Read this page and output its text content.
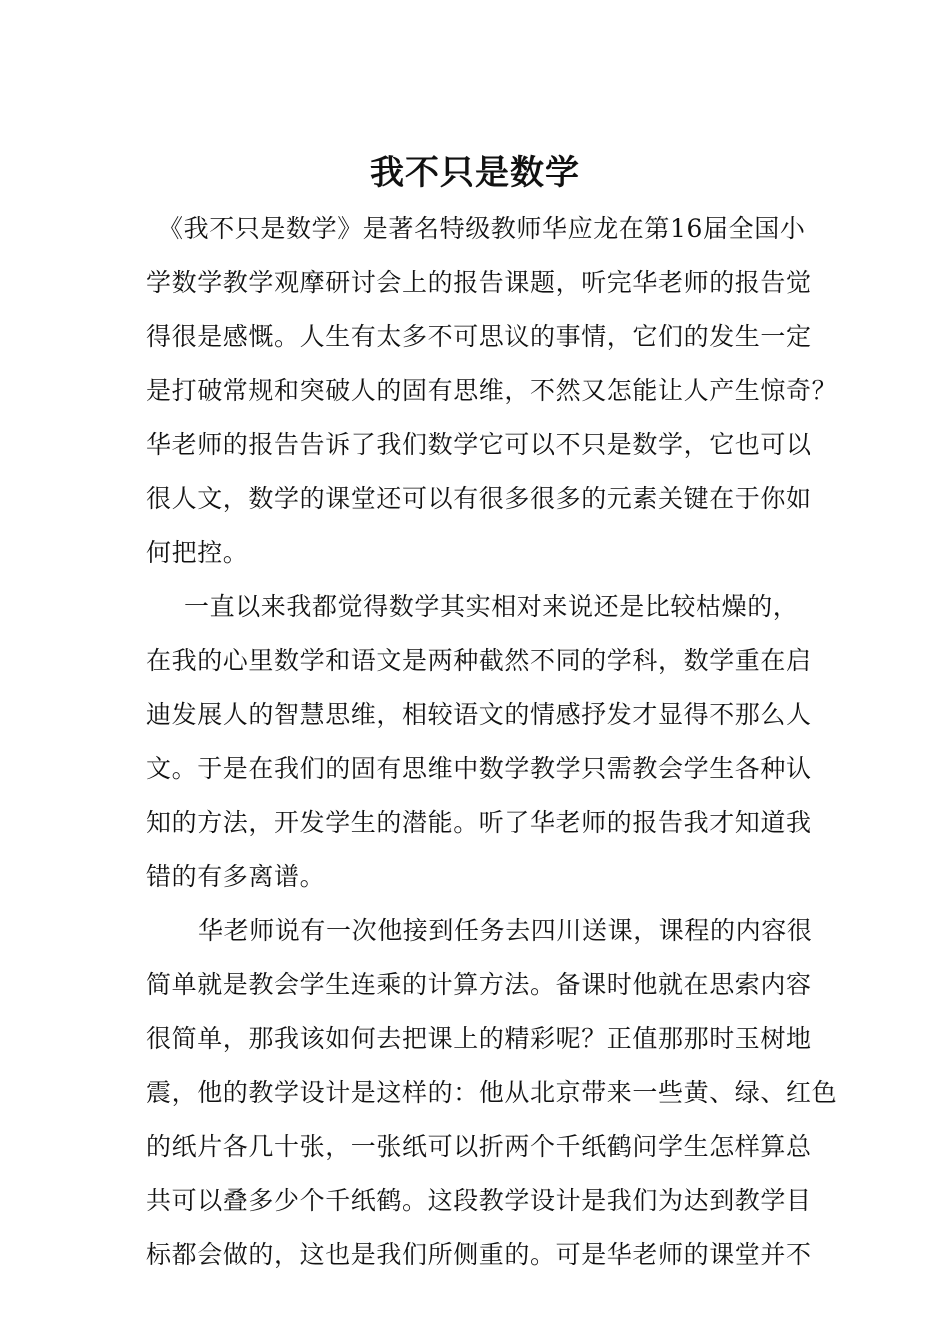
我不只是数学
《我不只是数学》是著名特级教师华应龙在第16届全国小
学数学教学观摩研讨会上的报告课题，听完华老师的报告觉
得很是感慨。人生有太多不可思议的事情，它们的发生一定
是打破常规和突破人的固有思维，不然又怎能让人产生惊奇？
华老师的报告告诉了我们数学它可以不只是数学，它也可以
很人文，数学的课堂还可以有很多很多的元素关键在于你如
何把控。
一直以来我都觉得数学其实相对来说还是比较枯燥的，
在我的心里数学和语文是两种截然不同的学科，数学重在启
迪发展人的智慧思维，相较语文的情感抒发才显得不那么人
文。于是在我们的固有思维中数学教学只需教会学生各种认
知的方法，开发学生的潜能。听了华老师的报告我才知道我
错的有多离谱。
华老师说有一次他接到任务去四川送课，课程的内容很
简单就是教会学生连乘的计算方法。备课时他就在思索内容
很简单，那我该如何去把课上的精彩呢？正值那那时玉树地
震，他的教学设计是这样的：他从北京带来一些黄、绿、红色
的纸片各几十张，一张纸可以折两个千纸鹤问学生怎样算总
共可以叠多少个千纸鹤。这段教学设计是我们为达到教学目
标都会做的，这也是我们所侧重的。可是华老师的课堂并不
